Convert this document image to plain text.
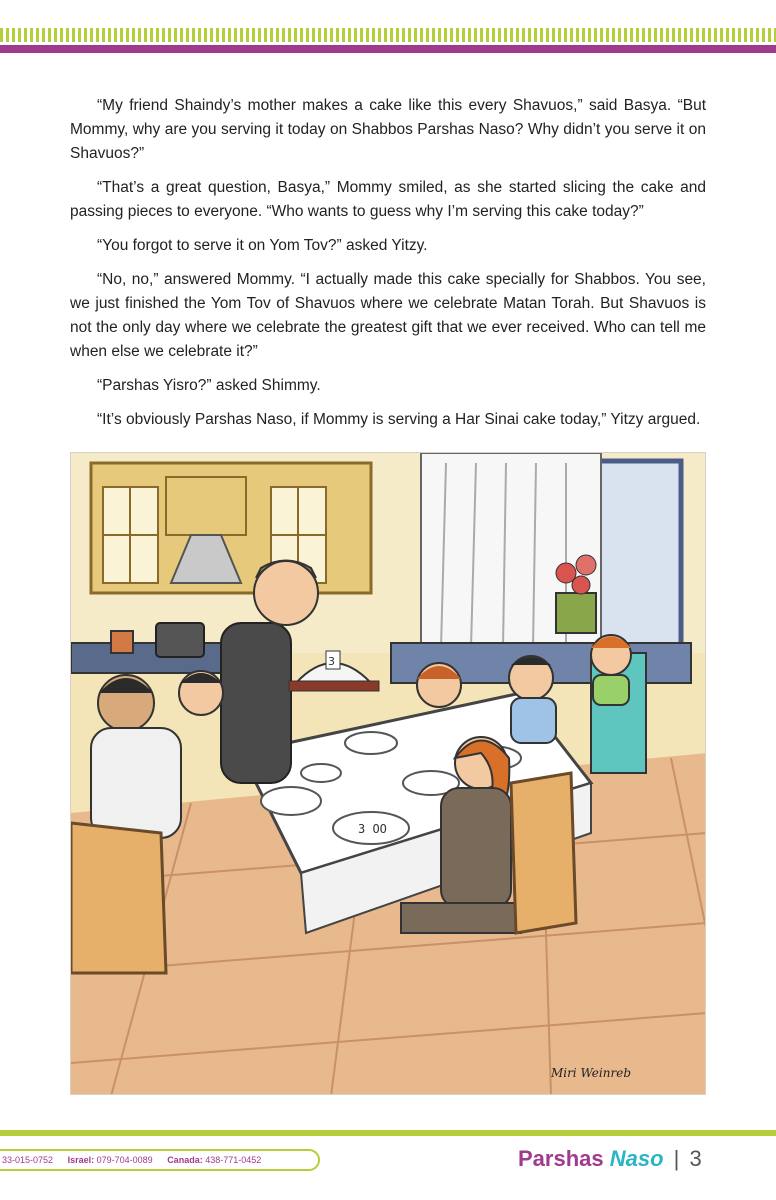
“My friend Shaindy’s mother makes a cake like this every Shavuos,” said Basya. “But Mommy, why are you serving it today on Shabbos Parshas Naso? Why didn’t you serve it on Shavuos?”

“That’s a great question, Basya,” Mommy smiled, as she started slicing the cake and passing pieces to everyone. “Who wants to guess why I’m serving this cake today?”

“You forgot to serve it on Yom Tov?” asked Yitzy.

“No, no,” answered Mommy. “I actually made this cake specially for Shabbos. You see, we just finished the Yom Tov of Shavuos where we celebrate Matan Torah. But Shavuos is not the only day where we celebrate the greatest gift that we ever received. Who can tell me when else we celebrate it?”

“Parshas Yisro?” asked Shimmy.

“It’s obviously Parshas Naso, if Mommy is serving a Har Sinai cake today,” Yitzy argued.

3 OO
3
Miri Weinreb
33-015-0752 Israel: 079-704-0089 Canada: 438-771-0452	Parshas Naso | 3
